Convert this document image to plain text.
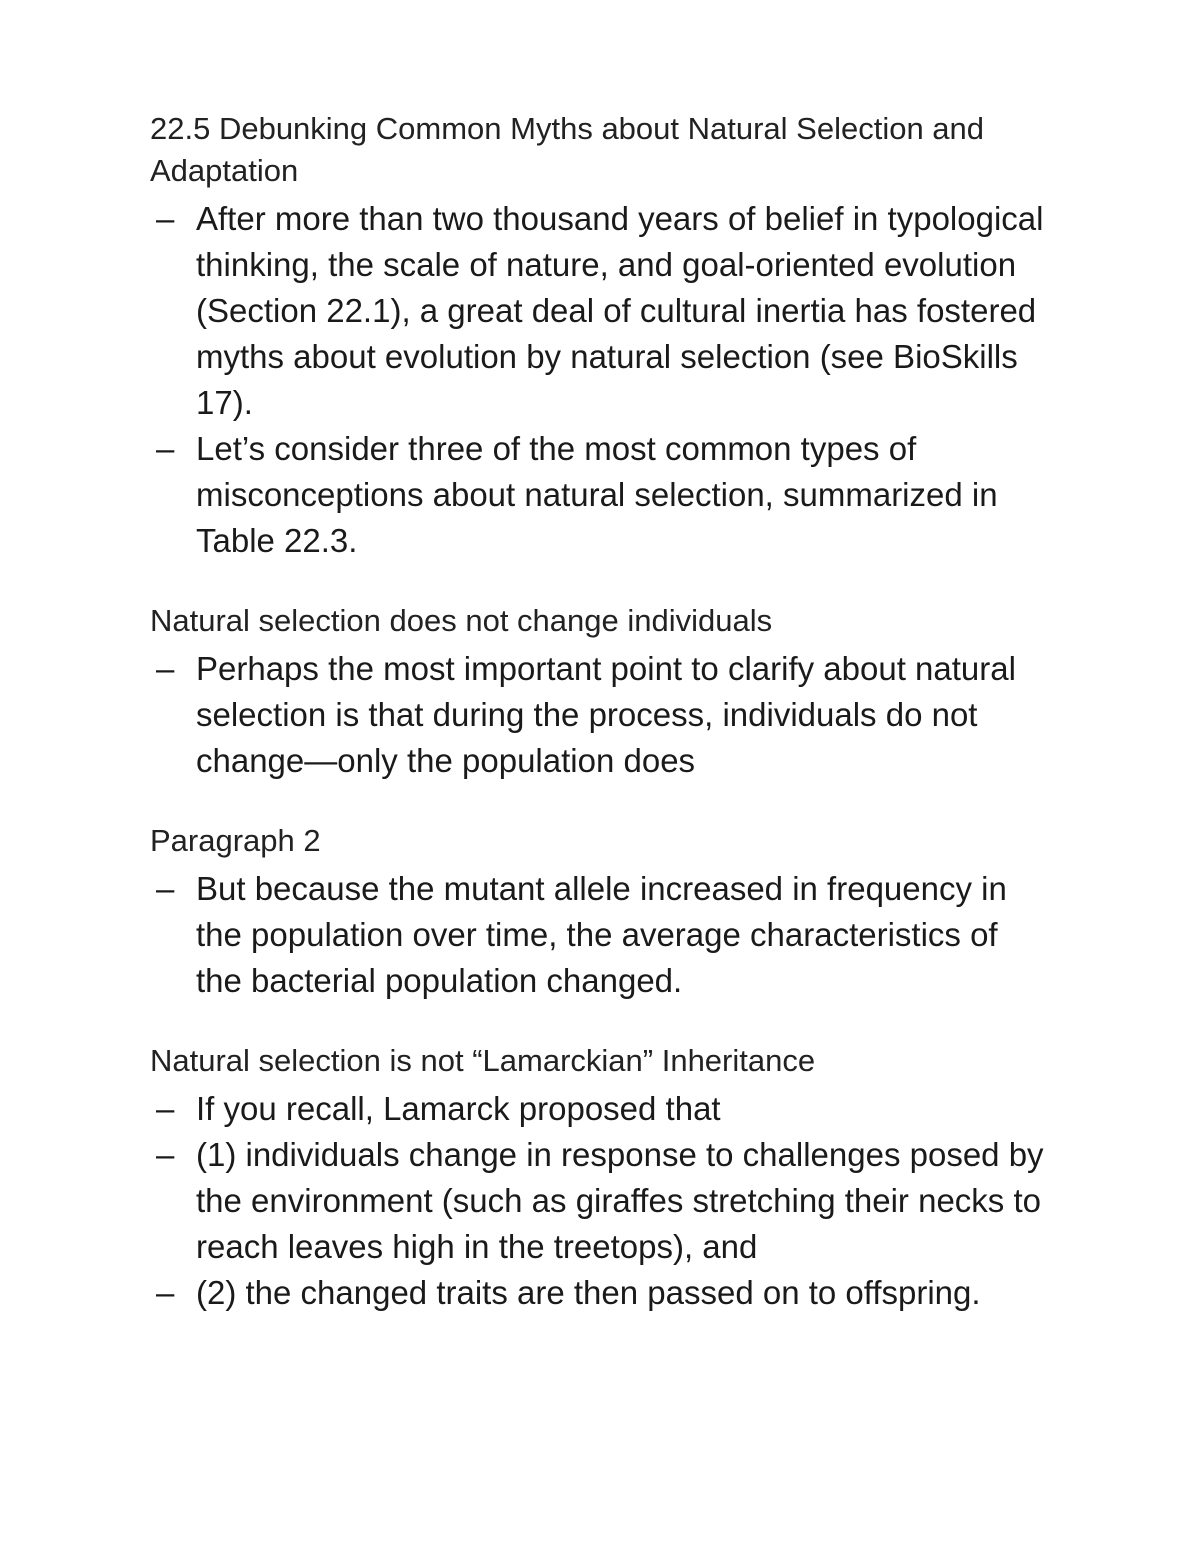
22.5 Debunking Common Myths about Natural Selection and Adaptation
– After more than two thousand years of belief in typological thinking, the scale of nature, and goal-oriented evolution (Section 22.1), a great deal of cultural inertia has fostered myths about evolution by natural selection (see BioSkills 17).
– Let’s consider three of the most common types of misconceptions about natural selection, summarized in Table 22.3.
Natural selection does not change individuals
– Perhaps the most important point to clarify about natural selection is that during the process, individuals do not change—only the population does
Paragraph 2
– But because the mutant allele increased in frequency in the population over time, the average characteristics of the bacterial population changed.
Natural selection is not “Lamarckian” Inheritance
– If you recall, Lamarck proposed that
– (1) individuals change in response to challenges posed by the environment (such as giraffes stretching their necks to reach leaves high in the treetops), and
– (2) the changed traits are then passed on to offspring.
